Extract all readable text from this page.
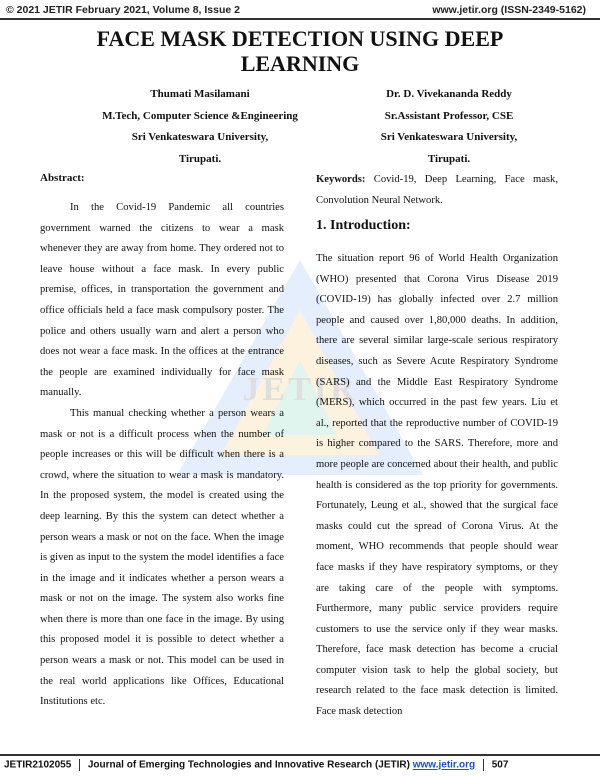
© 2021 JETIR February 2021, Volume 8, Issue 2	www.jetir.org (ISSN-2349-5162)
JETIR
FACE MASK DETECTION USING DEEP LEARNING
Thumati Masilamani
M.Tech, Computer Science &Engineering
Sri Venkateswara University,
Tirupati.
Dr. D. Vivekananda Reddy
Sr.Assistant Professor, CSE
Sri Venkateswara University,
Tirupati.
Abstract:

In the Covid-19 Pandemic all countries government warned the citizens to wear a mask whenever they are away from home. They ordered not to leave house without a face mask. In every public premise, offices, in transportation the government and office officials held a face mask compulsory poster. The police and others usually warn and alert a person who does not wear a face mask. In the offices at the entrance the people are examined individually for face mask manually.

This manual checking whether a person wears a mask or not is a difficult process when the number of people increases or this will be difficult when there is a crowd, where the situation to wear a mask is mandatory. In the proposed system, the model is created using the deep learning. By this the system can detect whether a person wears a mask or not on the face. When the image is given as input to the system the model identifies a face in the image and it indicates whether a person wears a mask or not on the image. The system also works fine when there is more than one face in the image. By using this proposed model it is possible to detect whether a person wears a mask or not. This model can be used in the real world applications like Offices, Educational Institutions etc.

Keywords: Covid-19, Deep Learning, Face mask, Convolution Neural Network.
1. Introduction:

The situation report 96 of World Health Organization (WHO) presented that Corona Virus Disease 2019 (COVID-19) has globally infected over 2.7 million people and caused over 1,80,000 deaths. In addition, there are several similar large-scale serious respiratory diseases, such as Severe Acute Respiratory Syndrome (SARS) and the Middle East Respiratory Syndrome (MERS), which occurred in the past few years. Liu et al., reported that the reproductive number of COVID-19 is higher compared to the SARS. Therefore, more and more people are concerned about their health, and public health is considered as the top priority for governments. Fortunately, Leung et al., showed that the surgical face masks could cut the spread of Corona Virus. At the moment, WHO recommends that people should wear face masks if they have respiratory symptoms, or they are taking care of the people with symptoms. Furthermore, many public service providers require customers to use the service only if they wear masks. Therefore, face mask detection has become a crucial computer vision task to help the global society, but research related to the face mask detection is limited. Face mask detection

JETIR2102055 Journal of Emerging Technologies and Innovative Research (JETIR) www.jetir.org 507
